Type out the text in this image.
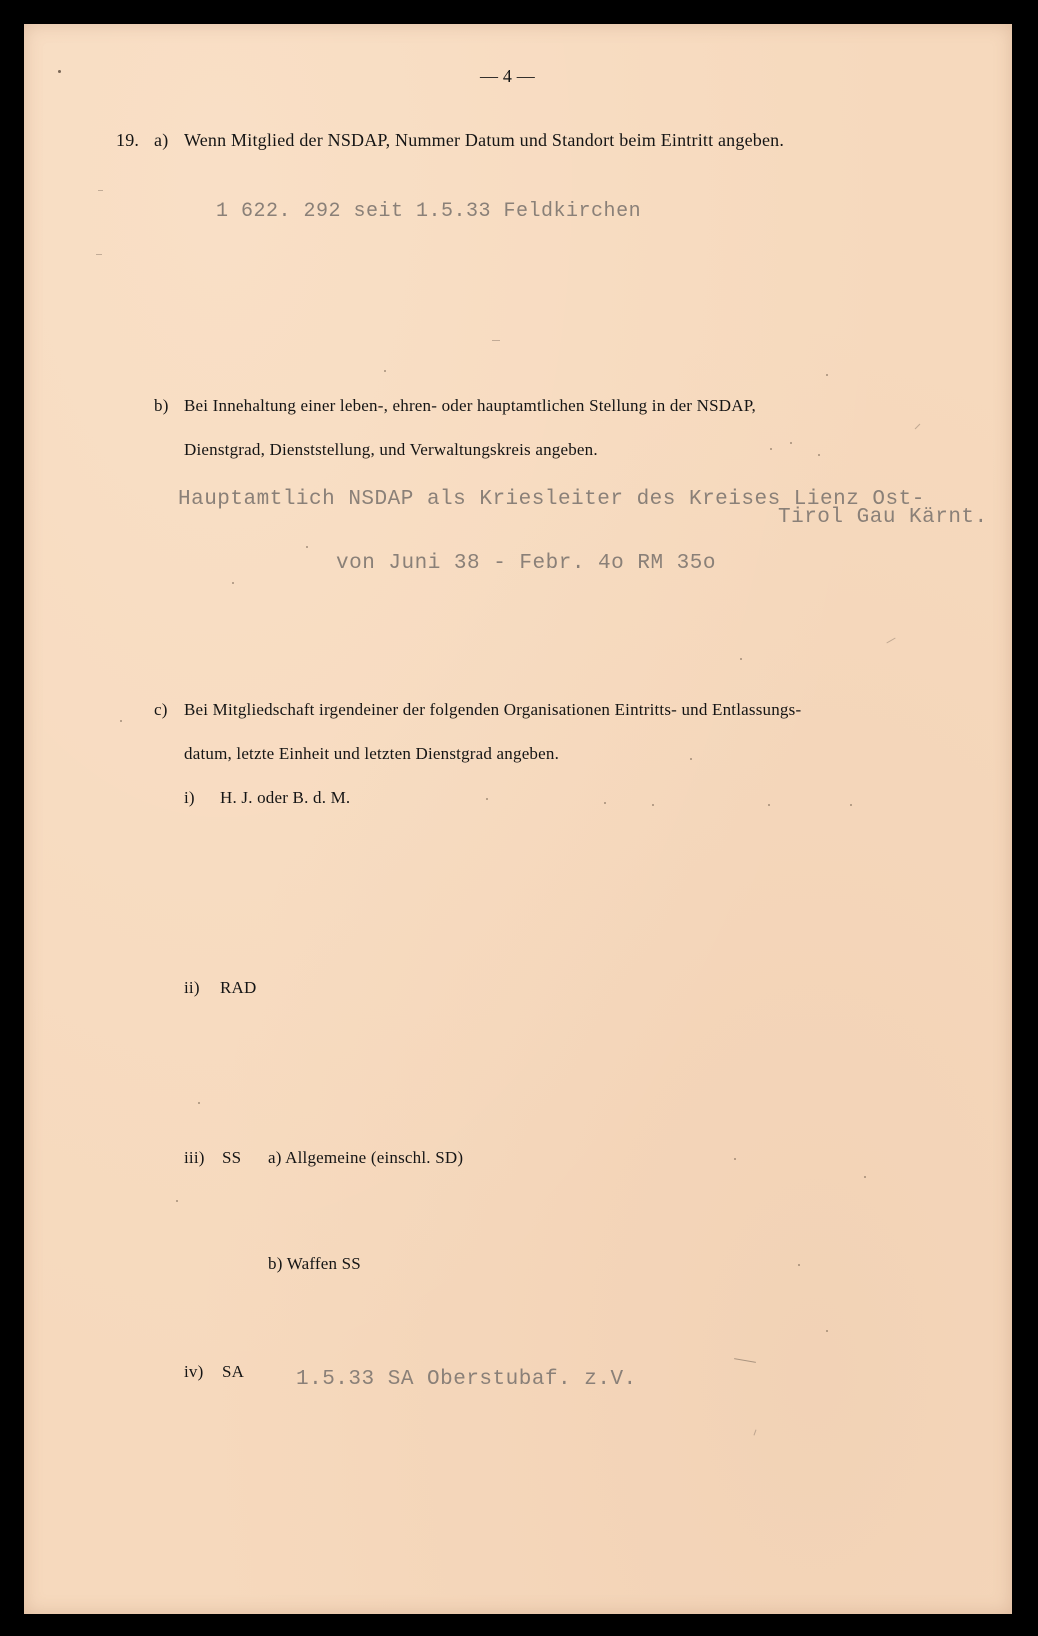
— 4 —
19. a) Wenn Mitglied der NSDAP, Nummer Datum und Standort beim Eintritt angeben.
1 622. 292 seit 1.5.33 Feldkirchen
b) Bei Innehaltung einer leben-, ehren- oder hauptamtlichen Stellung in der NSDAP,
Dienstgrad, Dienststellung, und Verwaltungskreis angeben.
Hauptamtlich NSDAP als Kriesleiter des Kreises Lienz Ost-
Tirol Gau Kärnt.
von Juni 38 - Febr. 4o RM 35o
c) Bei Mitgliedschaft irgendeiner der folgenden Organisationen Eintritts- und Entlassungs-
datum, letzte Einheit und letzten Dienstgrad angeben.
i) H. J. oder B. d. M.
ii) RAD
iii) SS a) Allgemeine (einschl. SD)
b) Waffen SS
iv) SA 1.5.33 SA Oberstubaf. z.V.
